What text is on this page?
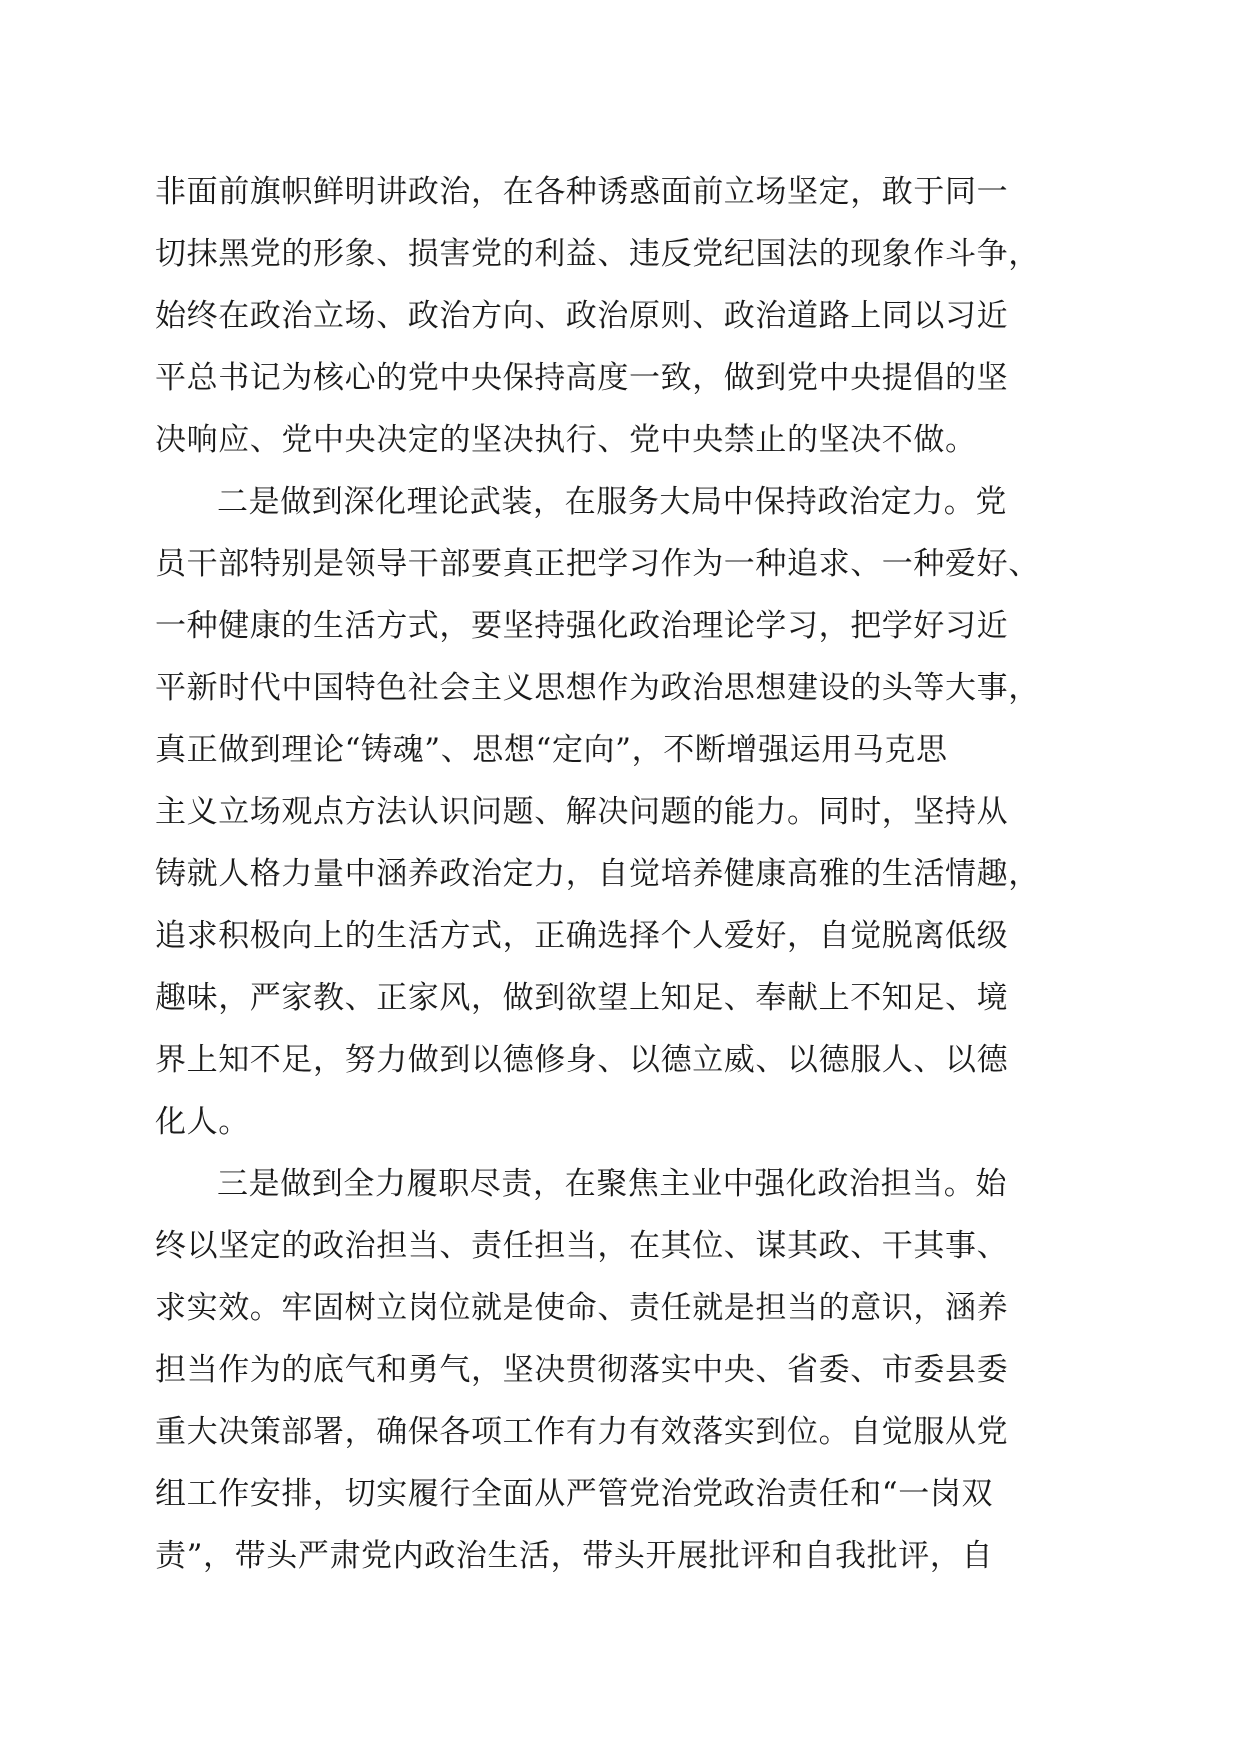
非面前旗帜鲜明讲政治，在各种诱惑面前立场坚定，敢于同一
切抹黑党的形象、损害党的利益、违反党纪国法的现象作斗争，
始终在政治立场、政治方向、政治原则、政治道路上同以习近
平总书记为核心的党中央保持高度一致，做到党中央提倡的坚
决响应、党中央决定的坚决执行、党中央禁止的坚决不做。
二是做到深化理论武装，在服务大局中保持政治定力。党
员干部特别是领导干部要真正把学习作为一种追求、一种爱好、
一种健康的生活方式，要坚持强化政治理论学习，把学好习近
平新时代中国特色社会主义思想作为政治思想建设的头等大事，
真正做到理论“铸魂”、思想“定向”，不断增强运用马克思
主义立场观点方法认识问题、解决问题的能力。同时，坚持从
铸就人格力量中涵养政治定力，自觉培养健康高雅的生活情趣，
追求积极向上的生活方式，正确选择个人爱好，自觉脱离低级
趣味，严家教、正家风，做到欲望上知足、奉献上不知足、境
界上知不足，努力做到以德修身、以德立威、以德服人、以德
化人。
三是做到全力履职尽责，在聚焦主业中强化政治担当。始
终以坚定的政治担当、责任担当，在其位、谋其政、干其事、
求实效。牢固树立岗位就是使命、责任就是担当的意识，涵养
担当作为的底气和勇气，坚决贯彻落实中央、省委、市委县委
重大决策部署，确保各项工作有力有效落实到位。自觉服从党
组工作安排，切实履行全面从严管党治党政治责任和“一岗双
责”，带头严肃党内政治生活，带头开展批评和自我批评，自
